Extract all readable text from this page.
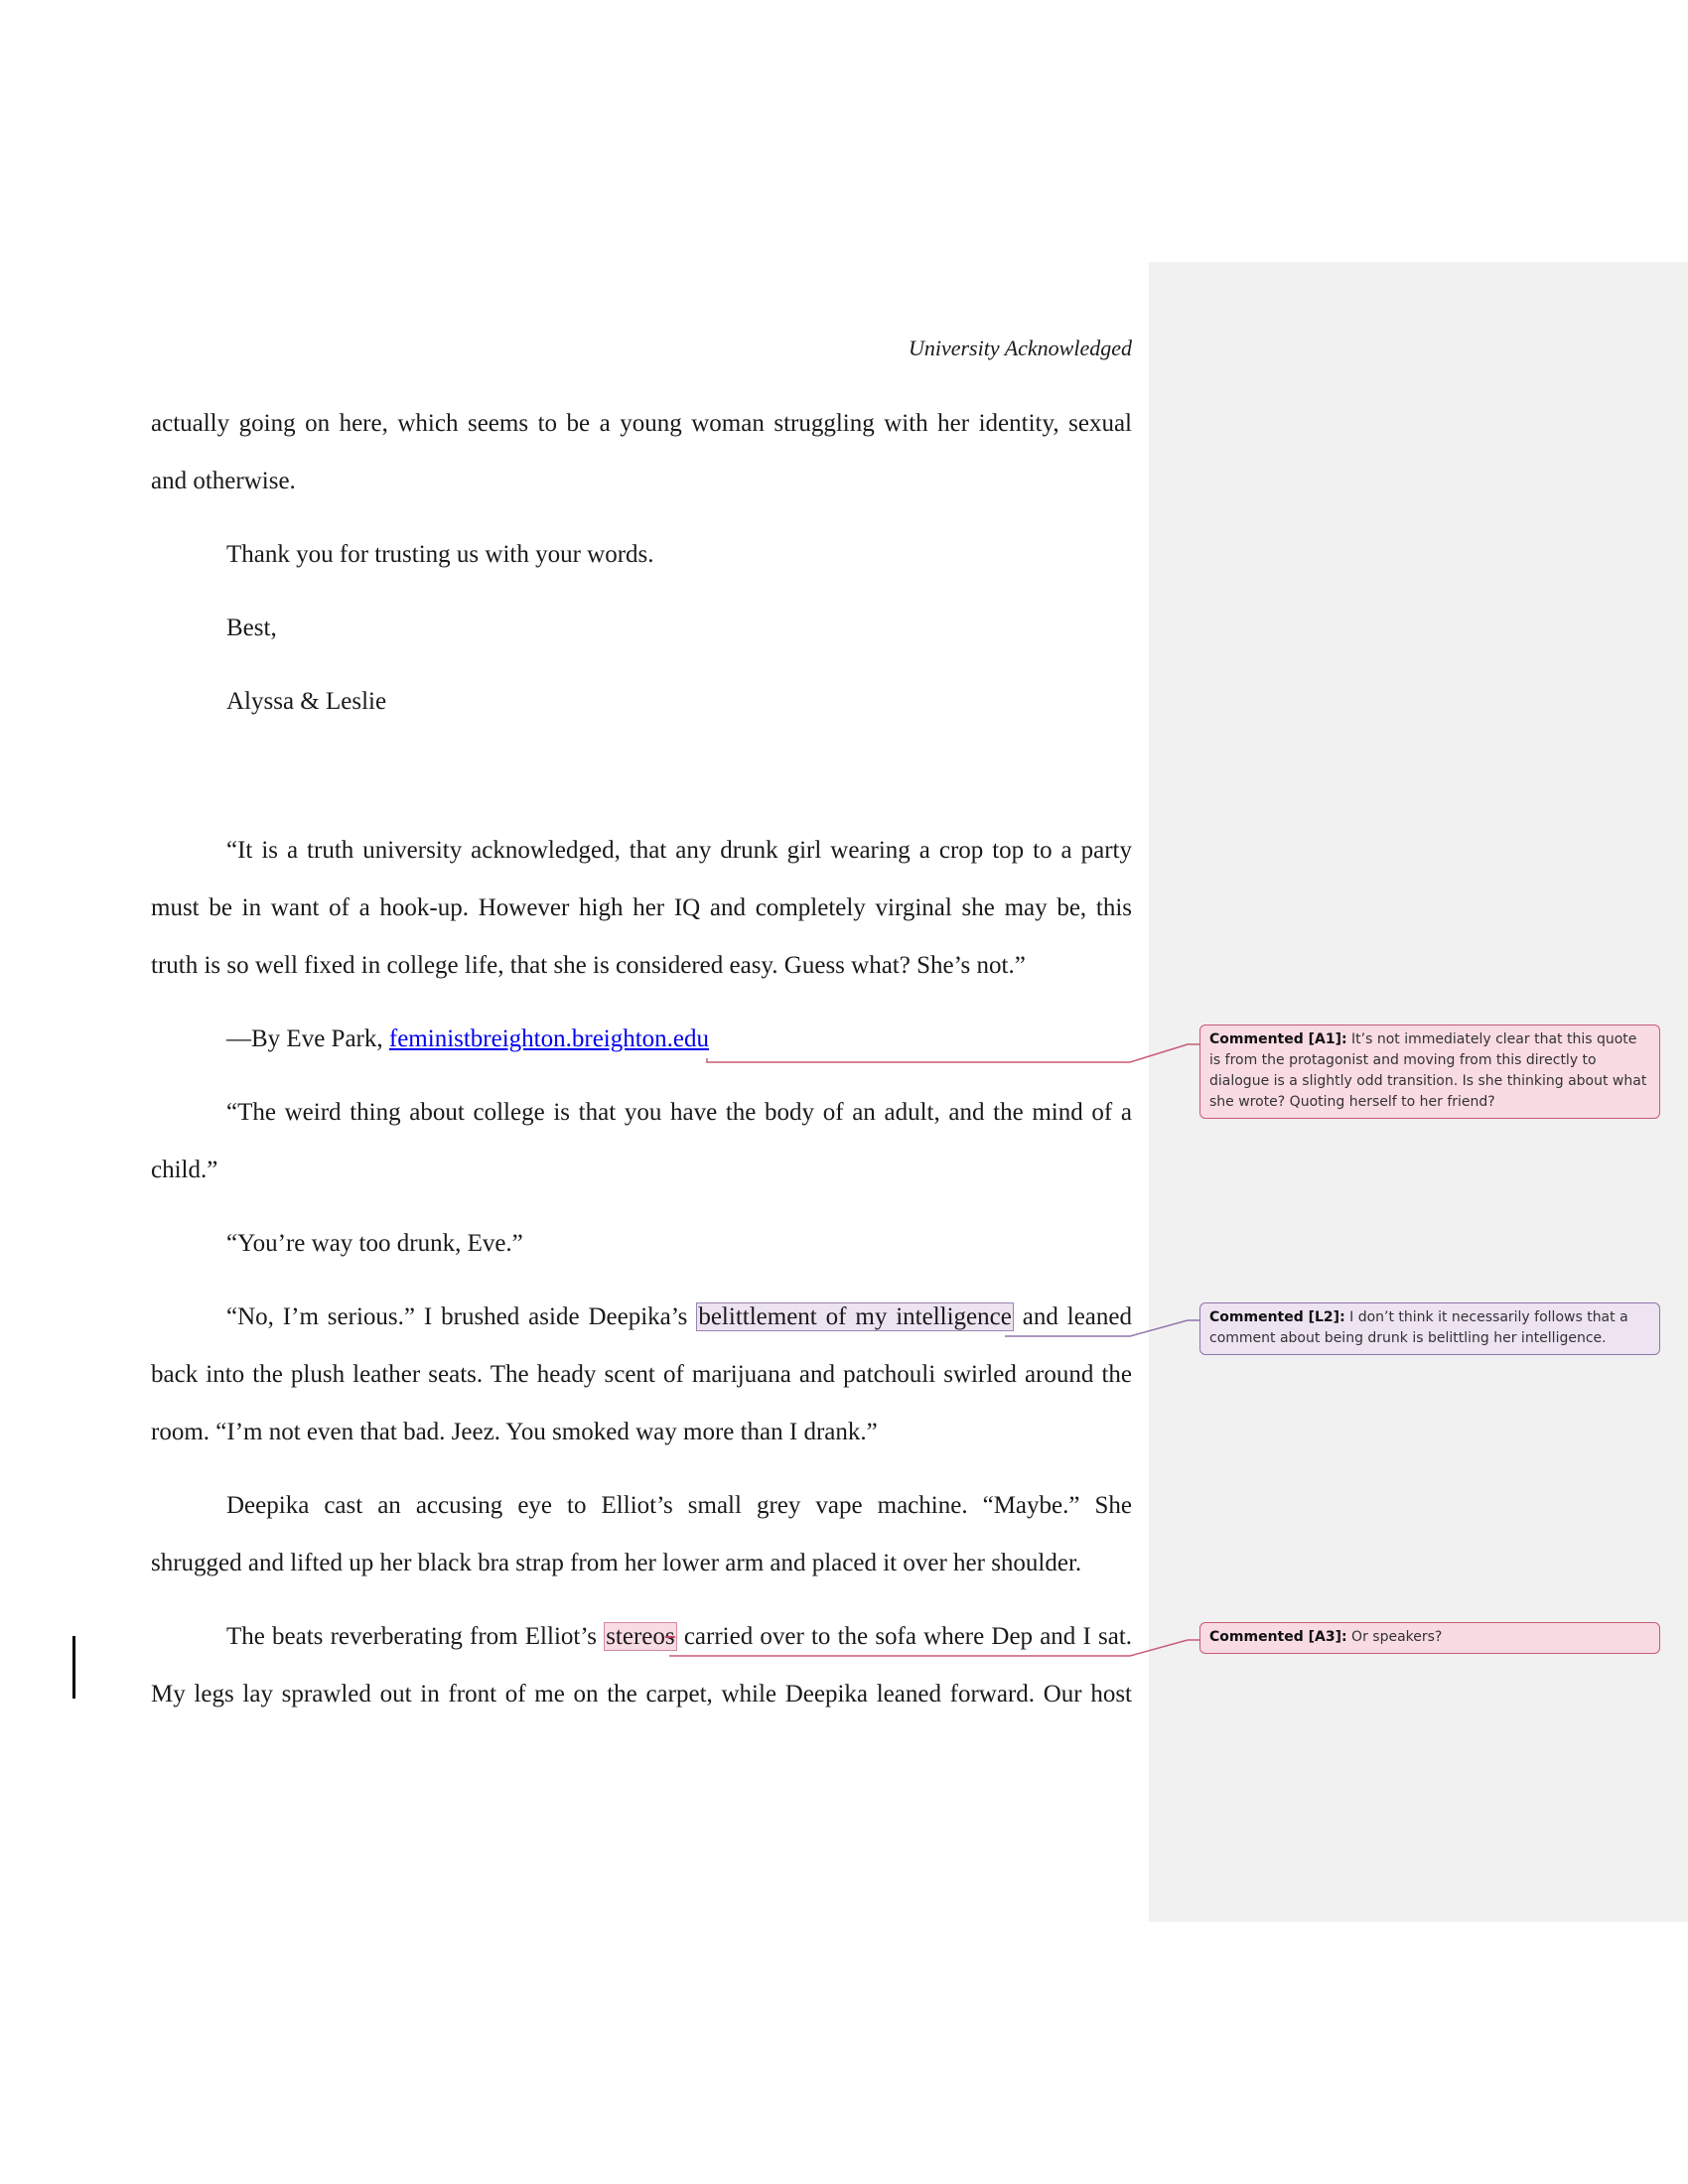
University Acknowledged
actually going on here, which seems to be a young woman struggling with her identity, sexual
and otherwise.
Thank you for trusting us with your words.
Best,
Alyssa & Leslie
“It is a truth university acknowledged, that any drunk girl wearing a crop top to a party
must be in want of a hook-up. However high her IQ and completely virginal she may be, this
truth is so well fixed in college life, that she is considered easy. Guess what? She’s not.”
—By Eve Park, feministbreighton.breighton.edu
“The weird thing about college is that you have the body of an adult, and the mind of a
child.”
“You’re way too drunk, Eve.”
“No, I’m serious.” I brushed aside Deepika’s belittlement of my intelligence and leaned
back into the plush leather seats. The heady scent of marijuana and patchouli swirled around the
room. “I’m not even that bad. Jeez. You smoked way more than I drank.”
Deepika cast an accusing eye to Elliot’s small grey vape machine. “Maybe.” She
shrugged and lifted up her black bra strap from her lower arm and placed it over her shoulder.
The beats reverberating from Elliot’s stereos carried over to the sofa where Dep and I sat.
My legs lay sprawled out in front of me on the carpet, while Deepika leaned forward. Our host
Commented [A1]: It’s not immediately clear that this quote is from the protagonist and moving from this directly to dialogue is a slightly odd transition. Is she thinking about what she wrote? Quoting herself to her friend?
Commented [L2]: I don’t think it necessarily follows that a comment about being drunk is belittling her intelligence.
Commented [A3]: Or speakers?
